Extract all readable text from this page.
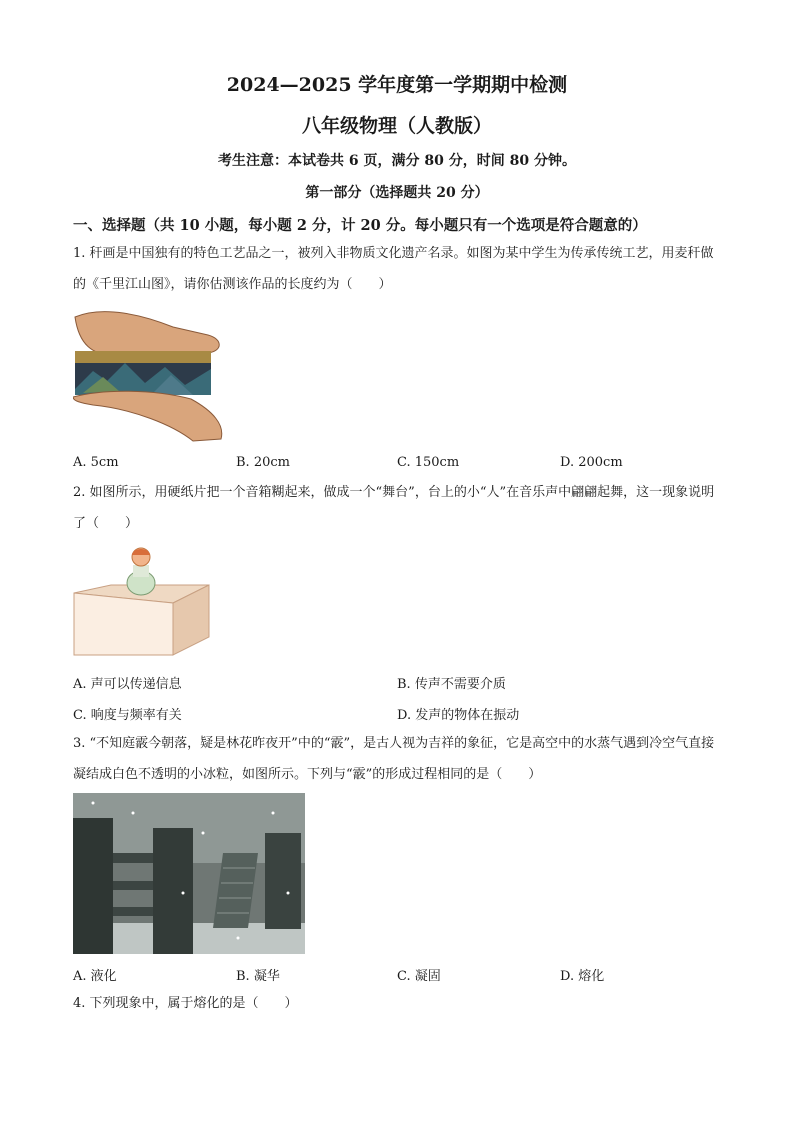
2024—2025 学年度第一学期期中检测
八年级物理（人教版）
考生注意：本试卷共 6 页，满分 80 分，时间 80 分钟。
第一部分（选择题共 20 分）
一、选择题（共 10 小题，每小题 2 分，计 20 分。每小题只有一个选项是符合题意的）
1. 秆画是中国独有的特色工艺品之一，被列入非物质文化遗产名录。如图为某中学生为传承传统工艺，用麦秆做的《千里江山图》，请你估测该作品的长度约为（　　）
A. 5cm	B. 20cm	C. 150cm	D. 200cm
2. 如图所示，用硬纸片把一个音箱糊起来，做成一个“舞台”，台上的小“人”在音乐声中翩翩起舞，这一现象说明了（　　）
A. 声可以传递信息	B. 传声不需要介质
C. 响度与频率有关	D. 发声的物体在振动
3. “不知庭霰今朝落，疑是林花昨夜开”中的“霰”，是古人视为吉祥的象征，它是高空中的水蒸气遇到冷空气直接凝结成白色不透明的小冰粒，如图所示。下列与“霰”的形成过程相同的是（　　）
A. 液化	B. 凝华	C. 凝固	D. 熔化
4. 下列现象中，属于熔化的是（　　）
